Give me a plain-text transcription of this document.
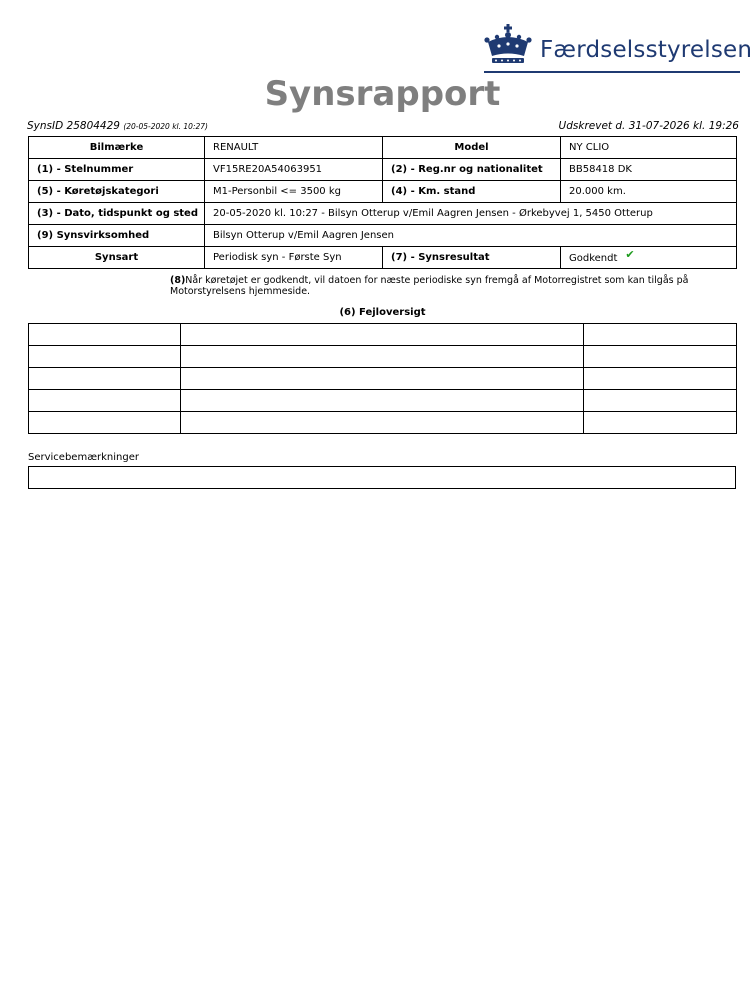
Færdselsstyrelsen
Synsrapport
SynsID 25804429 (20-05-2020 kl. 10:27)	Udskrevet d. 31-07-2026 kl. 19:26
Bilmærke	RENAULT	Model	NY CLIO
(1) - Stelnummer	VF15RE20A54063951	(2) - Reg.nr og nationalitet	BB58418 DK
(5) - Køretøjskategori	M1-Personbil <= 3500 kg	(4) - Km. stand	20.000 km.
(3) - Dato, tidspunkt og sted	20-05-2020 kl. 10:27 - Bilsyn Otterup v/Emil Aagren Jensen - Ørkebyvej 1, 5450 Otterup		
(9) Synsvirksomhed	Bilsyn Otterup v/Emil Aagren Jensen		
Synsart	Periodisk syn - Første Syn	(7) - Synsresultat	Godkendt ✔
(8)Når køretøjet er godkendt, vil datoen for næste periodiske syn fremgå af Motorregistret som kan tilgås på Motorstyrelsens hjemmeside.
(6) Fejloversigt

Servicebemærkninger
